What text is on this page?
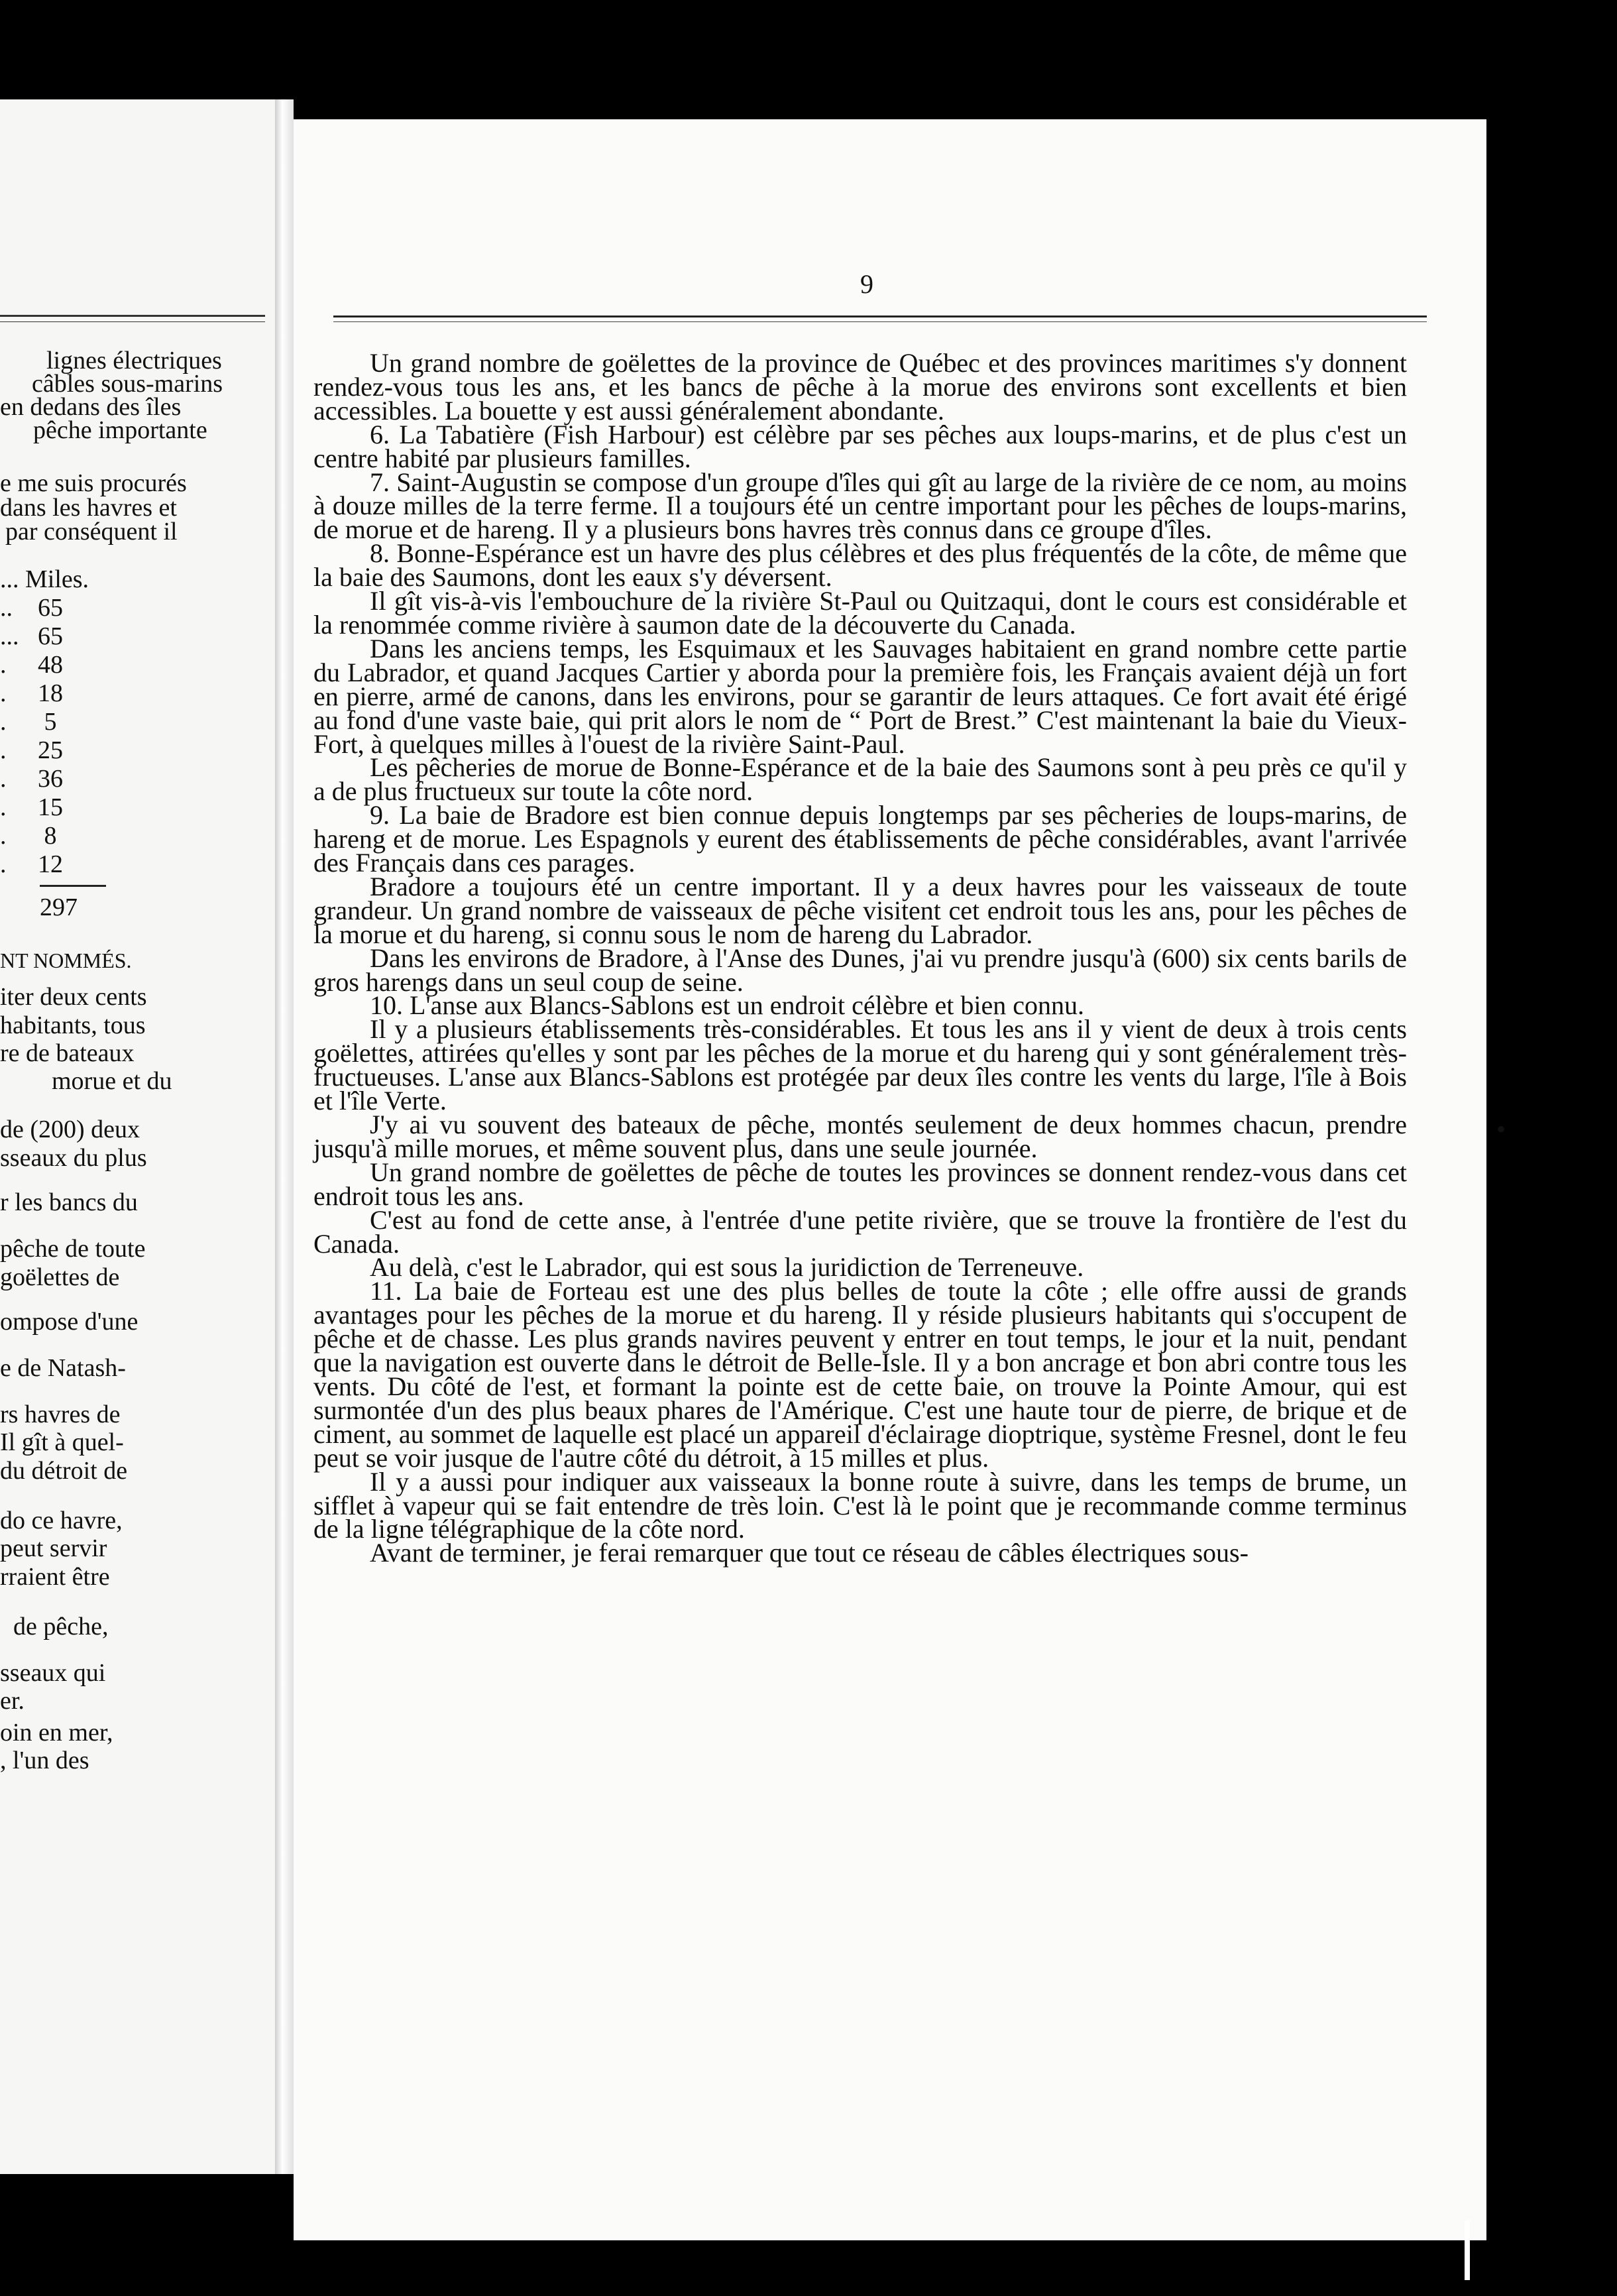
lignes électriques
câbles sous-marins
en dedans des îles
pêche importante
e me suis procurés
dans les havres et
par conséquent il
... Miles.
..    65
...   65
.     48
.     18
.      5
.     25
.     36
.     15
.      8
.     12
297
NT NOMMÉS.
iter deux cents
habitants, tous
re de bateaux
morue et du
de (200) deux
sseaux du plus
r les bancs du
pêche de toute
goëlettes de
ompose d'une
e de Natash-
rs havres de
Il gît à quel-
du détroit de
do ce havre,
peut servir
rraient être
de pêche,
sseaux qui
er.
oin en mer,
, l'un des
9

Un grand nombre de goëlettes de la province de Québec et des provinces maritimes s'y donnent rendez-vous tous les ans, et les bancs de pêche à la morue des environs sont excellents et bien accessibles. La bouette y est aussi généralement abondante.

6. La Tabatière (Fish Harbour) est célèbre par ses pêches aux loups-marins, et de plus c'est un centre habité par plusieurs familles.

7. Saint-Augustin se compose d'un groupe d'îles qui gît au large de la rivière de ce nom, au moins à douze milles de la terre ferme. Il a toujours été un centre important pour les pêches de loups-marins, de morue et de hareng. Il y a plusieurs bons havres très connus dans ce groupe d'îles.

8. Bonne-Espérance est un havre des plus célèbres et des plus fréquentés de la côte, de même que la baie des Saumons, dont les eaux s'y déversent.

Il gît vis-à-vis l'embouchure de la rivière St-Paul ou Quitzaqui, dont le cours est considérable et la renommée comme rivière à saumon date de la découverte du Canada.

Dans les anciens temps, les Esquimaux et les Sauvages habitaient en grand nombre cette partie du Labrador, et quand Jacques Cartier y aborda pour la première fois, les Français avaient déjà un fort en pierre, armé de canons, dans les environs, pour se garantir de leurs attaques. Ce fort avait été érigé au fond d'une vaste baie, qui prit alors le nom de “ Port de Brest.” C'est maintenant la baie du Vieux-Fort, à quelques milles à l'ouest de la rivière Saint-Paul.

Les pêcheries de morue de Bonne-Espérance et de la baie des Saumons sont à peu près ce qu'il y a de plus fructueux sur toute la côte nord.

9. La baie de Bradore est bien connue depuis longtemps par ses pêcheries de loups-marins, de hareng et de morue. Les Espagnols y eurent des établissements de pêche considérables, avant l'arrivée des Français dans ces parages.

Bradore a toujours été un centre important. Il y a deux havres pour les vaisseaux de toute grandeur. Un grand nombre de vaisseaux de pêche visitent cet endroit tous les ans, pour les pêches de la morue et du hareng, si connu sous le nom de hareng du Labrador.

Dans les environs de Bradore, à l'Anse des Dunes, j'ai vu prendre jusqu'à (600) six cents barils de gros harengs dans un seul coup de seine.

10. L'anse aux Blancs-Sablons est un endroit célèbre et bien connu.

Il y a plusieurs établissements très-considérables. Et tous les ans il y vient de deux à trois cents goëlettes, attirées qu'elles y sont par les pêches de la morue et du hareng qui y sont généralement très-fructueuses. L'anse aux Blancs-Sablons est protégée par deux îles contre les vents du large, l'île à Bois et l'île Verte.

J'y ai vu souvent des bateaux de pêche, montés seulement de deux hommes chacun, prendre jusqu'à mille morues, et même souvent plus, dans une seule journée.

Un grand nombre de goëlettes de pêche de toutes les provinces se donnent rendez-vous dans cet endroit tous les ans.

C'est au fond de cette anse, à l'entrée d'une petite rivière, que se trouve la frontière de l'est du Canada.

Au delà, c'est le Labrador, qui est sous la juridiction de Terreneuve.

11. La baie de Forteau est une des plus belles de toute la côte ; elle offre aussi de grands avantages pour les pêches de la morue et du hareng. Il y réside plusieurs habitants qui s'occupent de pêche et de chasse. Les plus grands navires peuvent y entrer en tout temps, le jour et la nuit, pendant que la navigation est ouverte dans le détroit de Belle-Isle. Il y a bon ancrage et bon abri contre tous les vents. Du côté de l'est, et formant la pointe est de cette baie, on trouve la Pointe Amour, qui est surmontée d'un des plus beaux phares de l'Amérique. C'est une haute tour de pierre, de brique et de ciment, au sommet de laquelle est placé un appareil d'éclairage dioptrique, système Fresnel, dont le feu peut se voir jusque de l'autre côté du détroit, à 15 milles et plus.

Il y a aussi pour indiquer aux vaisseaux la bonne route à suivre, dans les temps de brume, un sifflet à vapeur qui se fait entendre de très loin. C'est là le point que je recommande comme terminus de la ligne télégraphique de la côte nord.

Avant de terminer, je ferai remarquer que tout ce réseau de câbles électriques sous-

•
